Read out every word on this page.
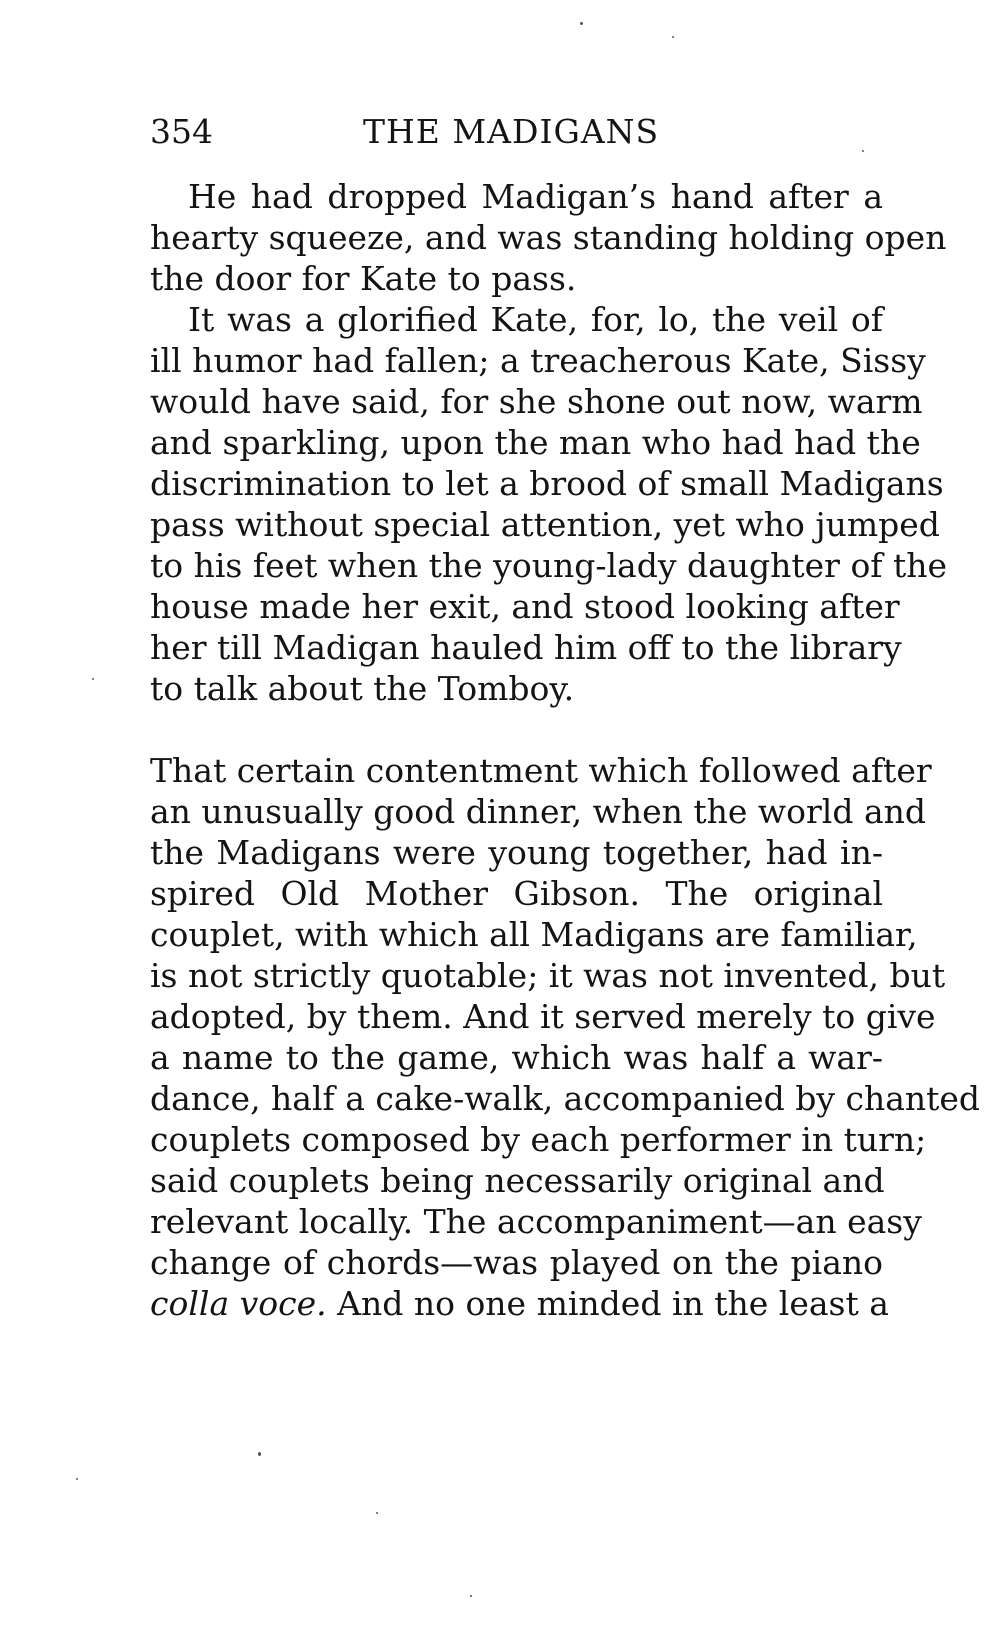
354	THE MADIGANS
He had dropped Madigan’s hand after a
hearty squeeze, and was standing holding open
the door for Kate to pass.
It was a glorified Kate, for, lo, the veil of
ill humor had fallen; a treacherous Kate, Sissy
would have said, for she shone out now, warm
and sparkling, upon the man who had had the
discrimination to let a brood of small Madigans
pass without special attention, yet who jumped
to his feet when the young-lady daughter of the
house made her exit, and stood looking after
her till Madigan hauled him off to the library
to talk about the Tomboy.
That certain contentment which followed after
an unusually good dinner, when the world and
the Madigans were young together, had in-
spired Old Mother Gibson. The original
couplet, with which all Madigans are familiar,
is not strictly quotable; it was not invented, but
adopted, by them. And it served merely to give
a name to the game, which was half a war-
dance, half a cake-walk, accompanied by chanted
couplets composed by each performer in turn;
said couplets being necessarily original and
relevant locally. The accompaniment—an easy
change of chords—was played on the piano
colla voce. And no one minded in the least a
